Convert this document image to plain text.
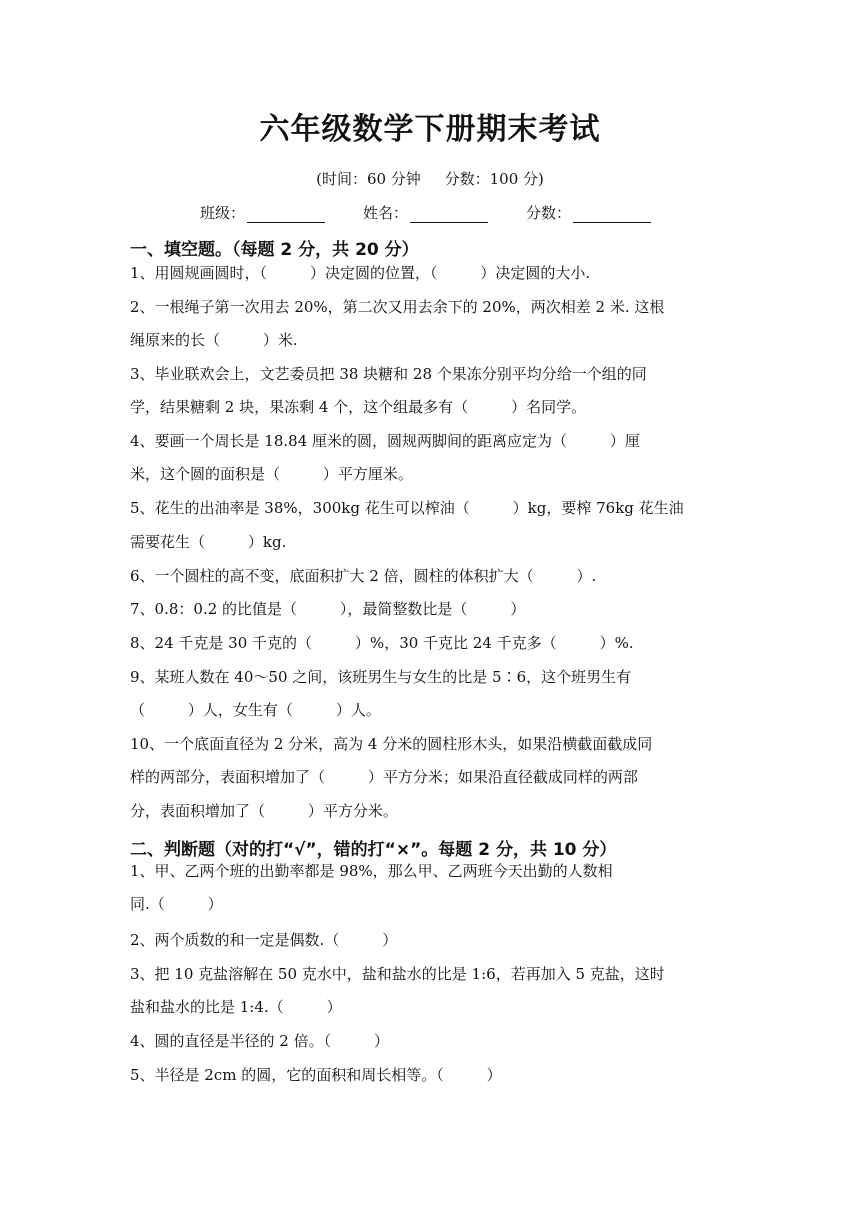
六年级数学下册期末考试
(时间：60 分钟     分数：100 分)
班级：	姓名：	分数：
一、填空题。（每题 2 分，共 20 分）
1、用圆规画圆时，（         ）决定圆的位置，（         ）决定圆的大小.
2、一根绳子第一次用去 20%，第二次又用去余下的 20%，两次相差 2 米. 这根
绳原来的长（         ）米.
3、毕业联欢会上，文艺委员把 38 块糖和 28 个果冻分别平均分给一个组的同
学，结果糖剩 2 块，果冻剩 4 个，这个组最多有（         ）名同学。
4、要画一个周长是 18.84 厘米的圆，圆规两脚间的距离应定为（         ）厘
米，这个圆的面积是（         ）平方厘米。
5、花生的出油率是 38%，300kg 花生可以榨油（         ）kg，要榨 76kg 花生油
需要花生（         ）kg.
6、一个圆柱的高不变，底面积扩大 2 倍，圆柱的体积扩大（         ）.
7、0.8：0.2 的比值是（         ），最简整数比是（         ）
8、24 千克是 30 千克的（         ）%，30 千克比 24 千克多（         ）%.
9、某班人数在 40～50 之间，该班男生与女生的比是 5∶6，这个班男生有
（         ）人，女生有（         ）人。
10、一个底面直径为 2 分米，高为 4 分米的圆柱形木头，如果沿横截面截成同
样的两部分，表面积增加了（         ）平方分米；如果沿直径截成同样的两部
分，表面积增加了（         ）平方分米。
二、判断题（对的打“√”，错的打“×”。每题 2 分，共 10 分）
1、甲、乙两个班的出勤率都是 98%，那么甲、乙两班今天出勤的人数相
同.（         ）
2、两个质数的和一定是偶数.（         ）
3、把 10 克盐溶解在 50 克水中，盐和盐水的比是 1:6，若再加入 5 克盐，这时
盐和盐水的比是 1:4.（         ）
4、圆的直径是半径的 2 倍。（         ）
5、半径是 2cm 的圆，它的面积和周长相等。（         ）
